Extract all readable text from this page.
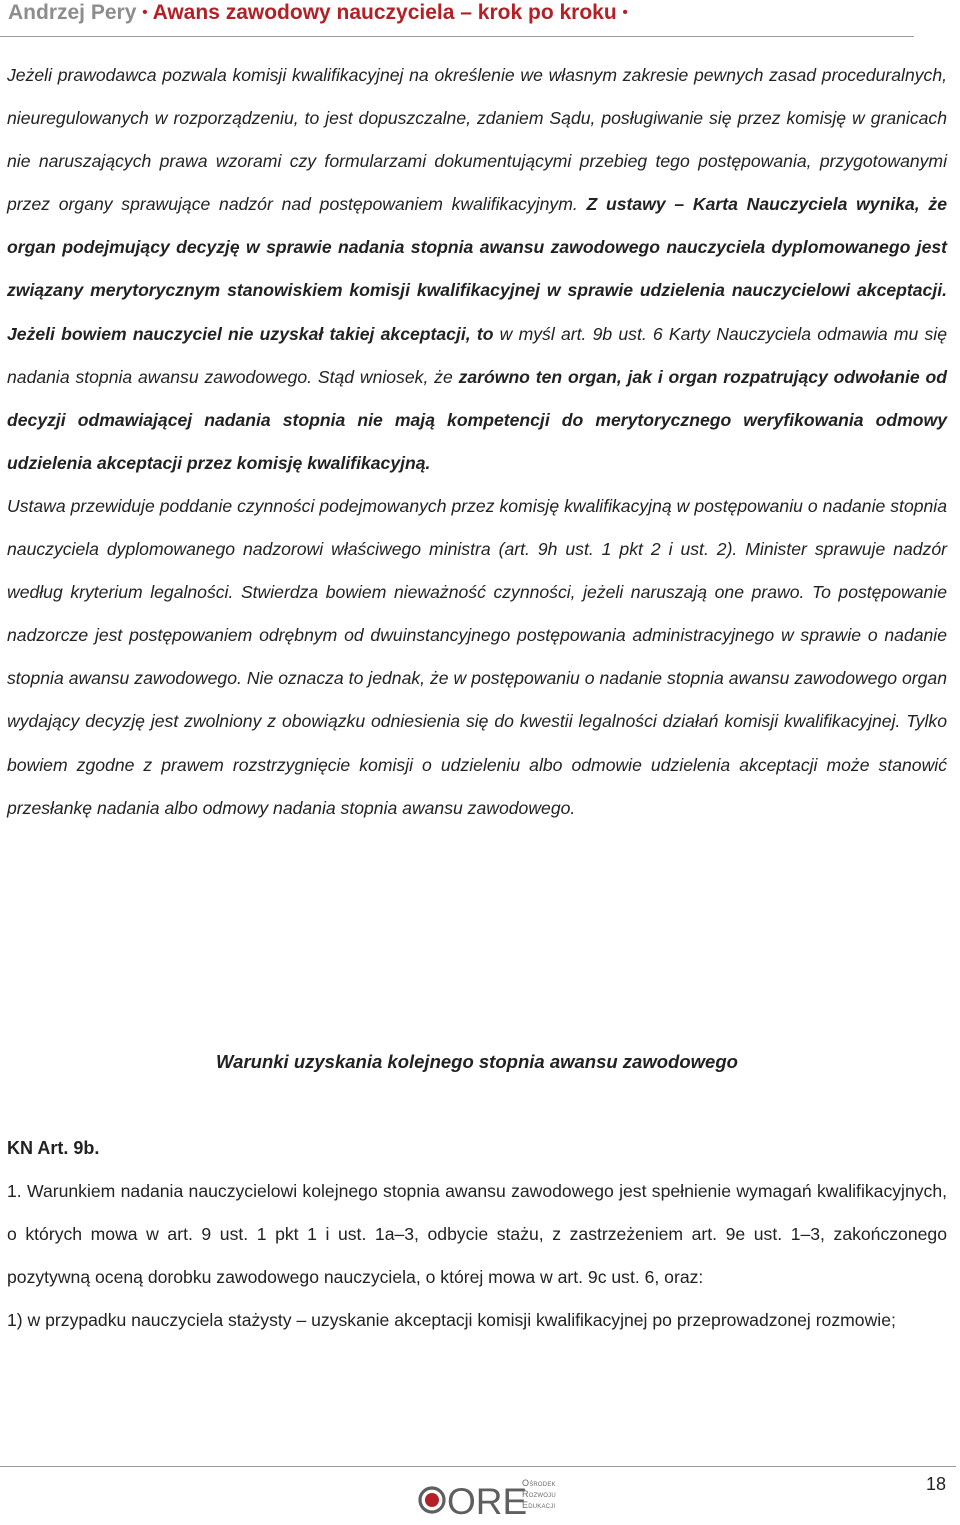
Andrzej Pery • Awans zawodowy nauczyciela – krok po kroku •

Jeżeli prawodawca pozwala komisji kwalifikacyjnej na określenie we własnym zakresie pewnych zasad proceduralnych, nieuregulowanych w rozporządzeniu, to jest dopuszczalne, zdaniem Sądu, posługiwanie się przez komisję w granicach nie naruszających prawa wzorami czy formularzami dokumentującymi przebieg tego postępowania, przygotowanymi przez organy sprawujące nadzór nad postępowaniem kwalifikacyjnym. Z ustawy – Karta Nauczyciela wynika, że organ podejmujący decyzję w sprawie nadania stopnia awansu zawodowego nauczyciela dyplomowanego jest związany merytorycznym stanowiskiem komisji kwalifikacyjnej w sprawie udzielenia nauczycielowi akceptacji. Jeżeli bowiem nauczyciel nie uzyskał takiej akceptacji, to w myśl art. 9b ust. 6 Karty Nauczyciela odmawia mu się nadania stopnia awansu zawodowego. Stąd wniosek, że zarówno ten organ, jak i organ rozpatrujący odwołanie od decyzji odmawiającej nadania stopnia nie mają kompetencji do merytorycznego weryfikowania odmowy udzielenia akceptacji przez komisję kwalifikacyjną.

Ustawa przewiduje poddanie czynności podejmowanych przez komisję kwalifikacyjną w postępowaniu o nadanie stopnia nauczyciela dyplomowanego nadzorowi właściwego ministra (art. 9h ust. 1 pkt 2 i ust. 2). Minister sprawuje nadzór według kryterium legalności. Stwierdza bowiem nieważność czynności, jeżeli naruszają one prawo. To postępowanie nadzorcze jest postępowaniem odrębnym od dwuinstancyjnego postępowania administracyjnego w sprawie o nadanie stopnia awansu zawodowego. Nie oznacza to jednak, że w postępowaniu o nadanie stopnia awansu zawodowego organ wydający decyzję jest zwolniony z obowiązku odniesienia się do kwestii legalności działań komisji kwalifikacyjnej. Tylko bowiem zgodne z prawem rozstrzygnięcie komisji o udzieleniu albo odmowie udzielenia akceptacji może stanowić przesłankę nadania albo odmowy nadania stopnia awansu zawodowego.

Warunki uzyskania kolejnego stopnia awansu zawodowego

KN Art. 9b.

1. Warunkiem nadania nauczycielowi kolejnego stopnia awansu zawodowego jest spełnienie wymagań kwalifikacyjnych, o których mowa w art. 9 ust. 1 pkt 1 i ust. 1a–3, odbycie stażu, z zastrzeżeniem art. 9e ust. 1–3, zakończonego pozytywną oceną dorobku zawodowego nauczyciela, o której mowa w art. 9c ust. 6, oraz:

1) w przypadku nauczyciela stażysty – uzyskanie akceptacji komisji kwalifikacyjnej po przeprowadzonej rozmowie;

ORE
Ośrodek
Rozwoju
Edukacji
18
